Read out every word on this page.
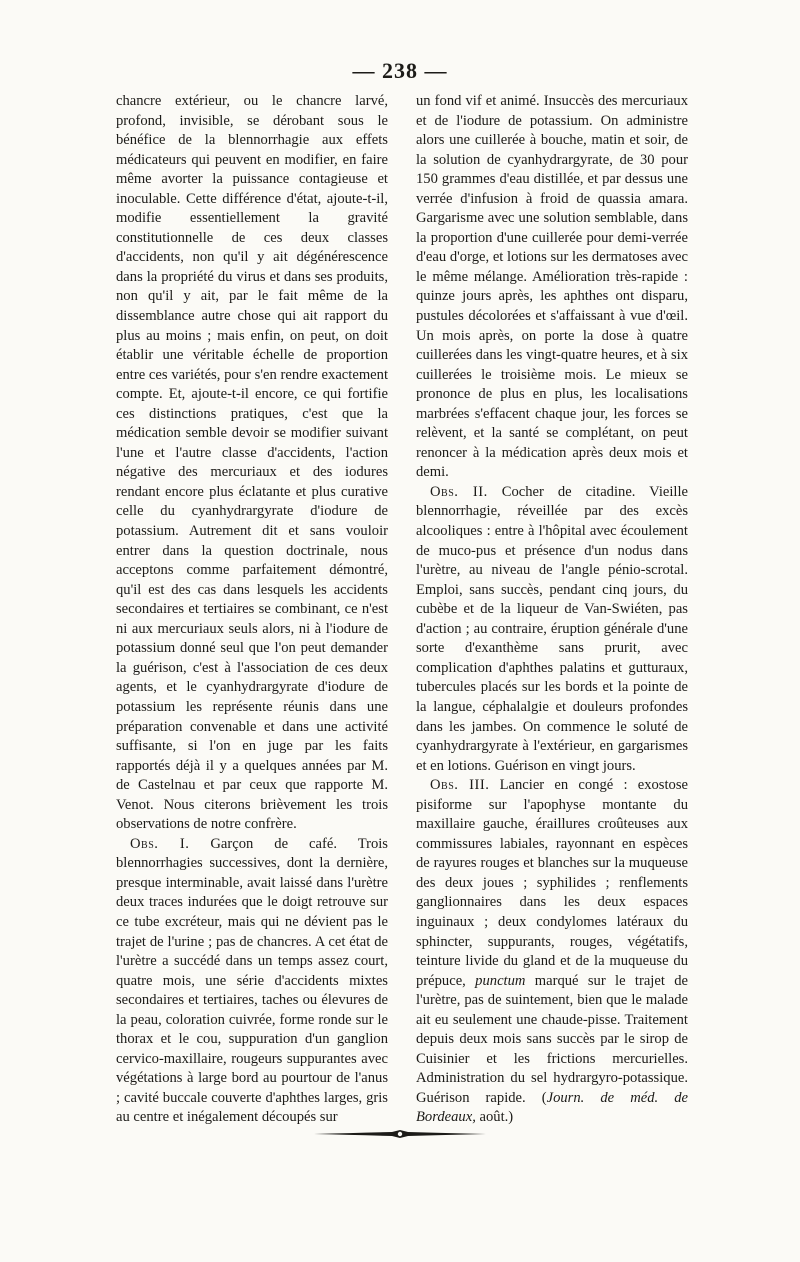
— 238 —

chancre extérieur, ou le chancre larvé, profond, invisible, se dérobant sous le bénéfice de la blennorrhagie aux effets médicateurs qui peuvent en modifier, en faire même avorter la puissance contagieuse et inoculable. Cette différence d'état, ajoute-t-il, modifie essentiellement la gravité constitutionnelle de ces deux classes d'accidents, non qu'il y ait dégénérescence dans la propriété du virus et dans ses produits, non qu'il y ait, par le fait même de la dissemblance autre chose qui ait rapport du plus au moins ; mais enfin, on peut, on doit établir une véritable échelle de proportion entre ces variétés, pour s'en rendre exactement compte. Et, ajoute-t-il encore, ce qui fortifie ces distinctions pratiques, c'est que la médication semble devoir se modifier suivant l'une et l'autre classe d'accidents, l'action négative des mercuriaux et des iodures rendant encore plus éclatante et plus curative celle du cyanhydrargyrate d'iodure de potassium. Autrement dit et sans vouloir entrer dans la question doctrinale, nous acceptons comme parfaitement démontré, qu'il est des cas dans lesquels les accidents secondaires et tertiaires se combinant, ce n'est ni aux mercuriaux seuls alors, ni à l'iodure de potassium donné seul que l'on peut demander la guérison, c'est à l'association de ces deux agents, et le cyanhydrargyrate d'iodure de potassium les représente réunis dans une préparation convenable et dans une activité suffisante, si l'on en juge par les faits rapportés déjà il y a quelques années par M. de Castelnau et par ceux que rapporte M. Venot. Nous citerons brièvement les trois observations de notre confrère.

Obs. I. Garçon de café. Trois blennorrhagies successives, dont la dernière, presque interminable, avait laissé dans l'urètre deux traces indurées que le doigt retrouve sur ce tube excréteur, mais qui ne dévient pas le trajet de l'urine ; pas de chancres. A cet état de l'urètre a succédé dans un temps assez court, quatre mois, une série d'accidents mixtes secondaires et tertiaires, taches ou élevures de la peau, coloration cuivrée, forme ronde sur le thorax et le cou, suppuration d'un ganglion cervico-maxillaire, rougeurs suppurantes avec végétations à large bord au pourtour de l'anus ; cavité buccale couverte d'aphthes larges, gris au centre et inégalement découpés sur

un fond vif et animé. Insuccès des mercuriaux et de l'iodure de potassium. On administre alors une cuillerée à bouche, matin et soir, de la solution de cyanhydrargyrate, de 30 pour 150 grammes d'eau distillée, et par dessus une verrée d'infusion à froid de quassia amara. Gargarisme avec une solution semblable, dans la proportion d'une cuillerée pour demi-verrée d'eau d'orge, et lotions sur les dermatoses avec le même mélange. Amélioration très-rapide : quinze jours après, les aphthes ont disparu, pustules décolorées et s'affaissant à vue d'œil. Un mois après, on porte la dose à quatre cuillerées dans les vingt-quatre heures, et à six cuillerées le troisième mois. Le mieux se prononce de plus en plus, les localisations marbrées s'effacent chaque jour, les forces se relèvent, et la santé se complétant, on peut renoncer à la médication après deux mois et demi.

Obs. II. Cocher de citadine. Vieille blennorrhagie, réveillée par des excès alcooliques : entre à l'hôpital avec écoulement de muco-pus et présence d'un nodus dans l'urètre, au niveau de l'angle pénio-scrotal. Emploi, sans succès, pendant cinq jours, du cubèbe et de la liqueur de Van-Swiéten, pas d'action ; au contraire, éruption générale d'une sorte d'exanthème sans prurit, avec complication d'aphthes palatins et gutturaux, tubercules placés sur les bords et la pointe de la langue, céphalalgie et douleurs profondes dans les jambes. On commence le soluté de cyanhydrargyrate à l'extérieur, en gargarismes et en lotions. Guérison en vingt jours.

Obs. III. Lancier en congé : exostose pisiforme sur l'apophyse montante du maxillaire gauche, éraillures croûteuses aux commissures labiales, rayonnant en espèces de rayures rouges et blanches sur la muqueuse des deux joues ; syphilides ; renflements ganglionnaires dans les deux espaces inguinaux ; deux condylomes latéraux du sphincter, suppurants, rouges, végétatifs, teinture livide du gland et de la muqueuse du prépuce, punctum marqué sur le trajet de l'urètre, pas de suintement, bien que le malade ait eu seulement une chaude-pisse. Traitement depuis deux mois sans succès par le sirop de Cuisinier et les frictions mercurielles. Administration du sel hydrargyro-potassique. Guérison rapide. (Journ. de méd. de Bordeaux, août.)
